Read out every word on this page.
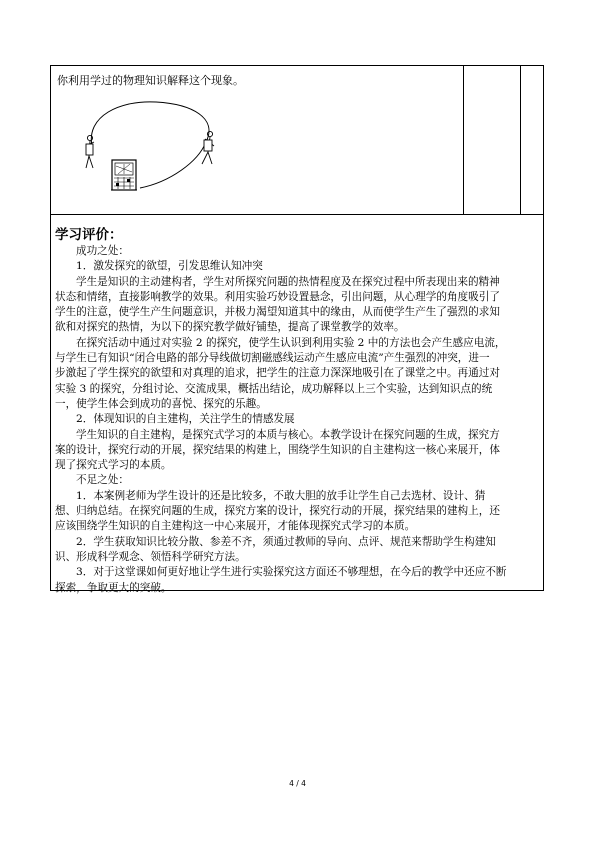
你利用学过的物理知识解释这个现象。
学习评价：
成功之处：
1．激发探究的欲望，引发思维认知冲突
学生是知识的主动建构者，学生对所探究问题的热情程度及在探究过程中所表现出来的精神
状态和情绪，直接影响教学的效果。利用实验巧妙设置悬念，引出问题，从心理学的角度吸引了
学生的注意，使学生产生问题意识，并极力渴望知道其中的缘由，从而使学生产生了强烈的求知
欲和对探究的热情，为以下的探究教学做好铺垫，提高了课堂教学的效率。
在探究活动中通过对实验 2 的探究，使学生认识到利用实验 2 中的方法也会产生感应电流，
与学生已有知识“闭合电路的部分导线做切割磁感线运动产生感应电流”产生强烈的冲突，进一
步激起了学生探究的欲望和对真理的追求，把学生的注意力深深地吸引在了课堂之中。再通过对
实验 3 的探究，分组讨论、交流成果，概括出结论，成功解释以上三个实验，达到知识点的统
一，使学生体会到成功的喜悦、探究的乐趣。
2．体现知识的自主建构，关注学生的情感发展
学生知识的自主建构，是探究式学习的本质与核心。本教学设计在探究问题的生成，探究方
案的设计，探究行动的开展，探究结果的构建上，围绕学生知识的自主建构这一核心来展开，体
现了探究式学习的本质。
不足之处：
1．本案例老师为学生设计的还是比较多，不敢大胆的放手让学生自己去选材、设计、猜
想、归纳总结。在探究问题的生成，探究方案的设计，探究行动的开展，探究结果的建构上，还
应该围绕学生知识的自主建构这一中心来展开，才能体现探究式学习的本质。
2．学生获取知识比较分散、参差不齐，须通过教师的导向、点评、规范来帮助学生构建知
识、形成科学观念、领悟科学研究方法。
3．对于这堂课如何更好地让学生进行实验探究这方面还不够理想，在今后的教学中还应不断
探索，争取更大的突破。
4 / 4
